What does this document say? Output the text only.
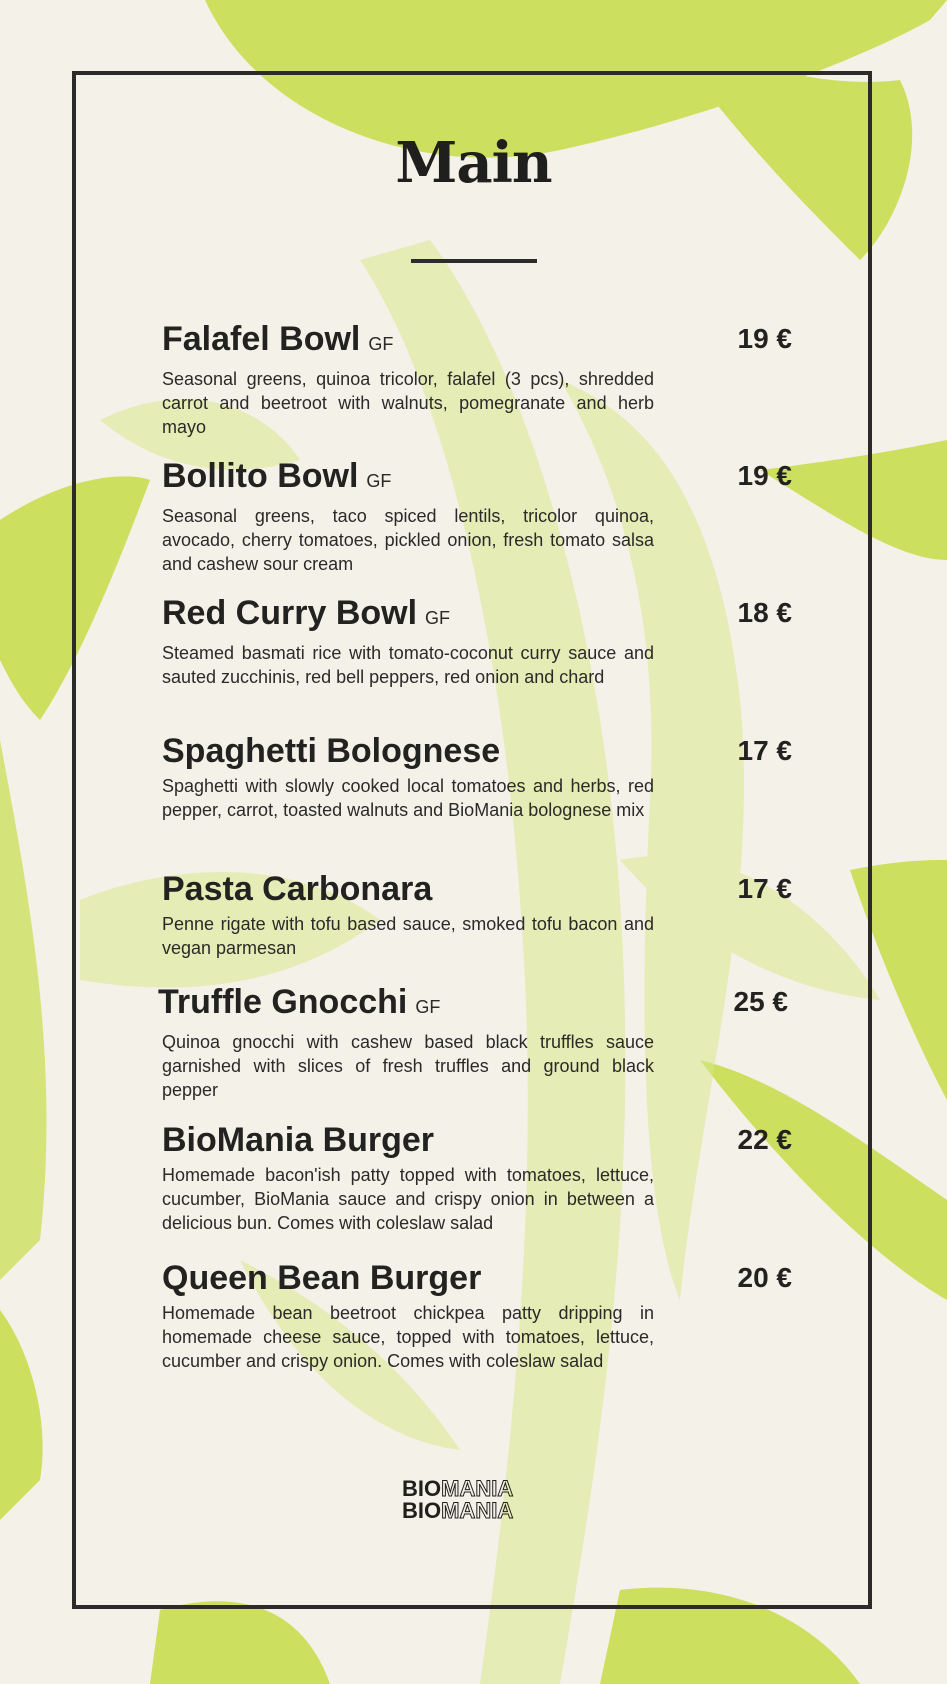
Main
Falafel Bowl GF	19 €
Seasonal greens, quinoa tricolor, falafel (3 pcs), shredded carrot and beetroot with walnuts, pomegranate and herb mayo
Bollito Bowl GF	19 €
Seasonal greens, taco spiced lentils, tricolor quinoa, avocado, cherry tomatoes, pickled onion, fresh tomato salsa and cashew sour cream
Red Curry Bowl GF	18 €
Steamed basmati rice with tomato-coconut curry sauce and sauted zucchinis, red bell peppers, red onion and chard
Spaghetti Bolognese	17 €
Spaghetti with slowly cooked local tomatoes and herbs, red pepper, carrot, toasted walnuts and BioMania bolognese mix
Pasta Carbonara	17 €
Penne rigate with tofu based sauce, smoked tofu bacon and vegan parmesan
Truffle Gnocchi GF	25 €
Quinoa gnocchi with cashew based black truffles sauce garnished with slices of fresh truffles and ground black pepper
BioMania Burger	22 €
Homemade bacon'ish patty topped with tomatoes, lettuce, cucumber, BioMania sauce and crispy onion in between a delicious bun. Comes with coleslaw salad
Queen Bean Burger	20 €
Homemade bean beetroot chickpea patty dripping in homemade cheese sauce, topped with tomatoes, lettuce, cucumber and crispy onion. Comes with coleslaw salad
BIOMANIA
BIOMANIA
